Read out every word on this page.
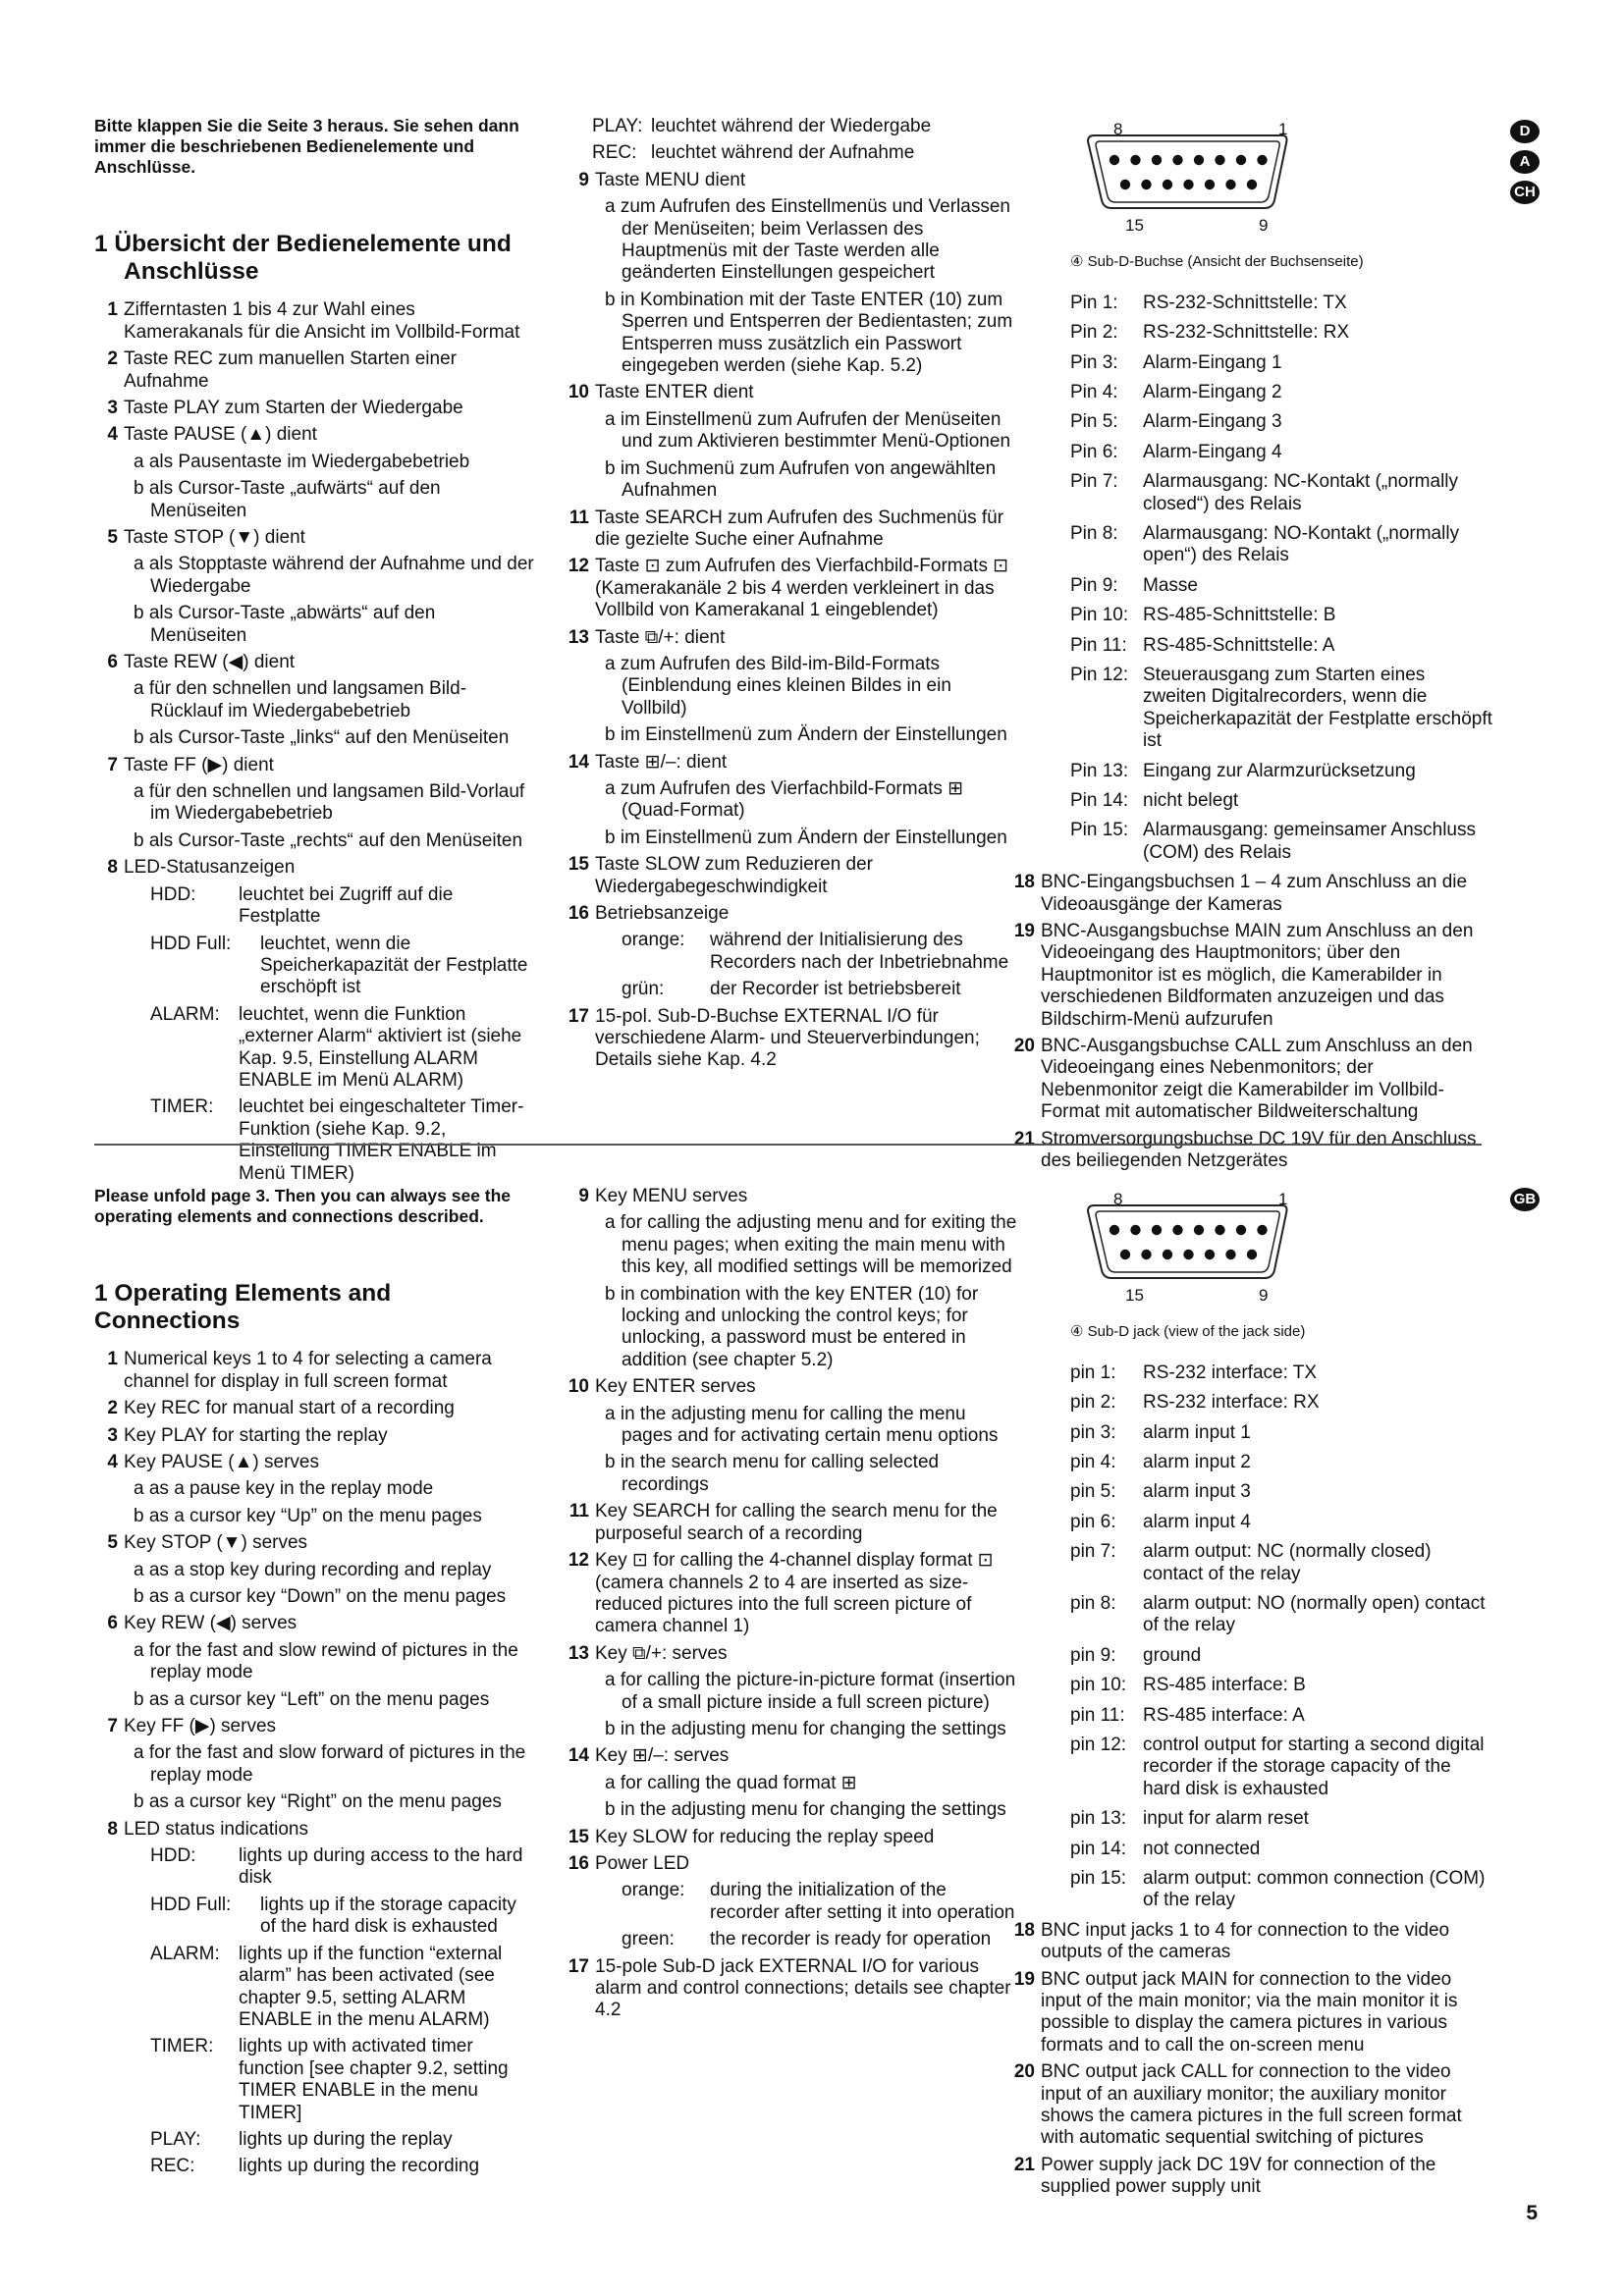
Bitte klappen Sie die Seite 3 heraus. Sie sehen dann immer die beschriebenen Bedienelemente und Anschlüsse.
1 Übersicht der Bedienelemente und Anschlüsse
1 Zifferntasten 1 bis 4 zur Wahl eines Kamerakanals für die Ansicht im Vollbild-Format
2 Taste REC zum manuellen Starten einer Aufnahme
3 Taste PLAY zum Starten der Wiedergabe
4 Taste PAUSE (▲) dient
a als Pausentaste im Wiedergabebetrieb
b als Cursor-Taste „aufwärts“ auf den Menüseiten
5 Taste STOP (▼) dient
a als Stopptaste während der Aufnahme und der Wiedergabe
b als Cursor-Taste „abwärts“ auf den Menüseiten
6 Taste REW (◀) dient
a für den schnellen und langsamen Bild-Rücklauf im Wiedergabebetrieb
b als Cursor-Taste „links“ auf den Menüseiten
7 Taste FF (▶) dient
a für den schnellen und langsamen Bild-Vorlauf im Wiedergabebetrieb
b als Cursor-Taste „rechts“ auf den Menüseiten
8 LED-Statusanzeigen
HDD:	leuchtet bei Zugriff auf die Festplatte
HDD Full:	leuchtet, wenn die Speicherkapazität der Festplatte erschöpft ist
ALARM:	leuchtet, wenn die Funktion „externer Alarm“ aktiviert ist (siehe Kap. 9.5, Einstellung ALARM ENABLE im Menü ALARM)
TIMER:	leuchtet bei eingeschalteter Timer-Funktion (siehe Kap. 9.2, Einstellung TIMER ENABLE im Menü TIMER)
PLAY: leuchtet während der Wiedergabe
REC: leuchtet während der Aufnahme
9 Taste MENU dient
a zum Aufrufen des Einstellmenüs und Verlassen der Menüseiten; beim Verlassen des Hauptmenüs mit der Taste werden alle geänderten Einstellungen gespeichert
b in Kombination mit der Taste ENTER (10) zum Sperren und Entsperren der Bedientasten; zum Entsperren muss zusätzlich ein Passwort eingegeben werden (siehe Kap. 5.2)
10 Taste ENTER dient
a im Einstellmenü zum Aufrufen der Menüseiten und zum Aktivieren bestimmter Menü-Optionen
b im Suchmenü zum Aufrufen von angewählten Aufnahmen
11 Taste SEARCH zum Aufrufen des Suchmenüs für die gezielte Suche einer Aufnahme
12 Taste ⊡ zum Aufrufen des Vierfachbild-Formats ⊡ (Kamerakanäle 2 bis 4 werden verkleinert in das Vollbild von Kamerakanal 1 eingeblendet)
13 Taste ⧉/+: dient
a zum Aufrufen des Bild-im-Bild-Formats (Einblendung eines kleinen Bildes in ein Vollbild)
b im Einstellmenü zum Ändern der Einstellungen
14 Taste ⊞/–: dient
a zum Aufrufen des Vierfachbild-Formats ⊞ (Quad-Format)
b im Einstellmenü zum Ändern der Einstellungen
15 Taste SLOW zum Reduzieren der Wiedergabegeschwindigkeit
16 Betriebsanzeige
orange:	während der Initialisierung des Recorders nach der Inbetriebnahme
grün:	der Recorder ist betriebsbereit
17 15-pol. Sub-D-Buchse EXTERNAL I/O für verschiedene Alarm- und Steuerverbindungen; Details siehe Kap. 4.2
8	1
15	9
④ Sub-D-Buchse (Ansicht der Buchsenseite)
Pin 1:	RS-232-Schnittstelle: TX
Pin 2:	RS-232-Schnittstelle: RX
Pin 3:	Alarm-Eingang 1
Pin 4:	Alarm-Eingang 2
Pin 5:	Alarm-Eingang 3
Pin 6:	Alarm-Eingang 4
Pin 7:	Alarmausgang: NC-Kontakt („normally closed“) des Relais
Pin 8:	Alarmausgang: NO-Kontakt („normally open“) des Relais
Pin 9:	Masse
Pin 10: RS-485-Schnittstelle: B
Pin 11: RS-485-Schnittstelle: A
Pin 12: Steuerausgang zum Starten eines zweiten Digitalrecorders, wenn die Speicherkapazität der Festplatte erschöpft ist
Pin 13: Eingang zur Alarmzurücksetzung
Pin 14: nicht belegt
Pin 15: Alarmausgang: gemeinsamer Anschluss (COM) des Relais
18 BNC-Eingangsbuchsen 1 – 4 zum Anschluss an die Videoausgänge der Kameras
19 BNC-Ausgangsbuchse MAIN zum Anschluss an den Videoeingang des Hauptmonitors; über den Hauptmonitor ist es möglich, die Kamerabilder in verschiedenen Bildformaten anzuzeigen und das Bildschirm-Menü aufzurufen
20 BNC-Ausgangsbuchse CALL zum Anschluss an den Videoeingang eines Nebenmonitors; der Nebenmonitor zeigt die Kamerabilder im Vollbild-Format mit automatischer Bildweiterschaltung
21 Stromversorgungsbuchse DC 19V für den Anschluss des beiliegenden Netzgerätes
D
A
CH
Please unfold page 3. Then you can always see the operating elements and connections described.
1 Operating Elements and Connections
1 Numerical keys 1 to 4 for selecting a camera channel for display in full screen format
2 Key REC for manual start of a recording
3 Key PLAY for starting the replay
4 Key PAUSE (▲) serves
a as a pause key in the replay mode
b as a cursor key “Up” on the menu pages
5 Key STOP (▼) serves
a as a stop key during recording and replay
b as a cursor key “Down” on the menu pages
6 Key REW (◀) serves
a for the fast and slow rewind of pictures in the replay mode
b as a cursor key “Left” on the menu pages
7 Key FF (▶) serves
a for the fast and slow forward of pictures in the replay mode
b as a cursor key “Right” on the menu pages
8 LED status indications
HDD:	lights up during access to the hard disk
HDD Full:	lights up if the storage capacity of the hard disk is exhausted
ALARM:	lights up if the function “external alarm” has been activated (see chapter 9.5, setting ALARM ENABLE in the menu ALARM)
TIMER:	lights up with activated timer function [see chapter 9.2, setting TIMER ENABLE in the menu TIMER]
PLAY:	lights up during the replay
REC:	lights up during the recording
9 Key MENU serves
a for calling the adjusting menu and for exiting the menu pages; when exiting the main menu with this key, all modified settings will be memorized
b in combination with the key ENTER (10) for locking and unlocking the control keys; for unlocking, a password must be entered in addition (see chapter 5.2)
10 Key ENTER serves
a in the adjusting menu for calling the menu pages and for activating certain menu options
b in the search menu for calling selected recordings
11 Key SEARCH for calling the search menu for the purposeful search of a recording
12 Key ⊡ for calling the 4-channel display format ⊡ (camera channels 2 to 4 are inserted as size-reduced pictures into the full screen picture of camera channel 1)
13 Key ⧉/+: serves
a for calling the picture-in-picture format (insertion of a small picture inside a full screen picture)
b in the adjusting menu for changing the settings
14 Key ⊞/–: serves
a for calling the quad format ⊞
b in the adjusting menu for changing the settings
15 Key SLOW for reducing the replay speed
16 Power LED
orange:	during the initialization of the recorder after setting it into operation
green:	the recorder is ready for operation
17 15-pole Sub-D jack EXTERNAL I/O for various alarm and control connections; details see chapter 4.2
8	1
15	9
④ Sub-D jack (view of the jack side)
pin 1:	RS-232 interface: TX
pin 2:	RS-232 interface: RX
pin 3:	alarm input 1
pin 4:	alarm input 2
pin 5:	alarm input 3
pin 6:	alarm input 4
pin 7:	alarm output: NC (normally closed) contact of the relay
pin 8:	alarm output: NO (normally open) contact of the relay
pin 9:	ground
pin 10: RS-485 interface: B
pin 11: RS-485 interface: A
pin 12: control output for starting a second digital recorder if the storage capacity of the hard disk is exhausted
pin 13: input for alarm reset
pin 14: not connected
pin 15: alarm output: common connection (COM) of the relay
18 BNC input jacks 1 to 4 for connection to the video outputs of the cameras
19 BNC output jack MAIN for connection to the video input of the main monitor; via the main monitor it is possible to display the camera pictures in various formats and to call the on-screen menu
20 BNC output jack CALL for connection to the video input of an auxiliary monitor; the auxiliary monitor shows the camera pictures in the full screen format with automatic sequential switching of pictures
21 Power supply jack DC 19V for connection of the supplied power supply unit
GB
5
